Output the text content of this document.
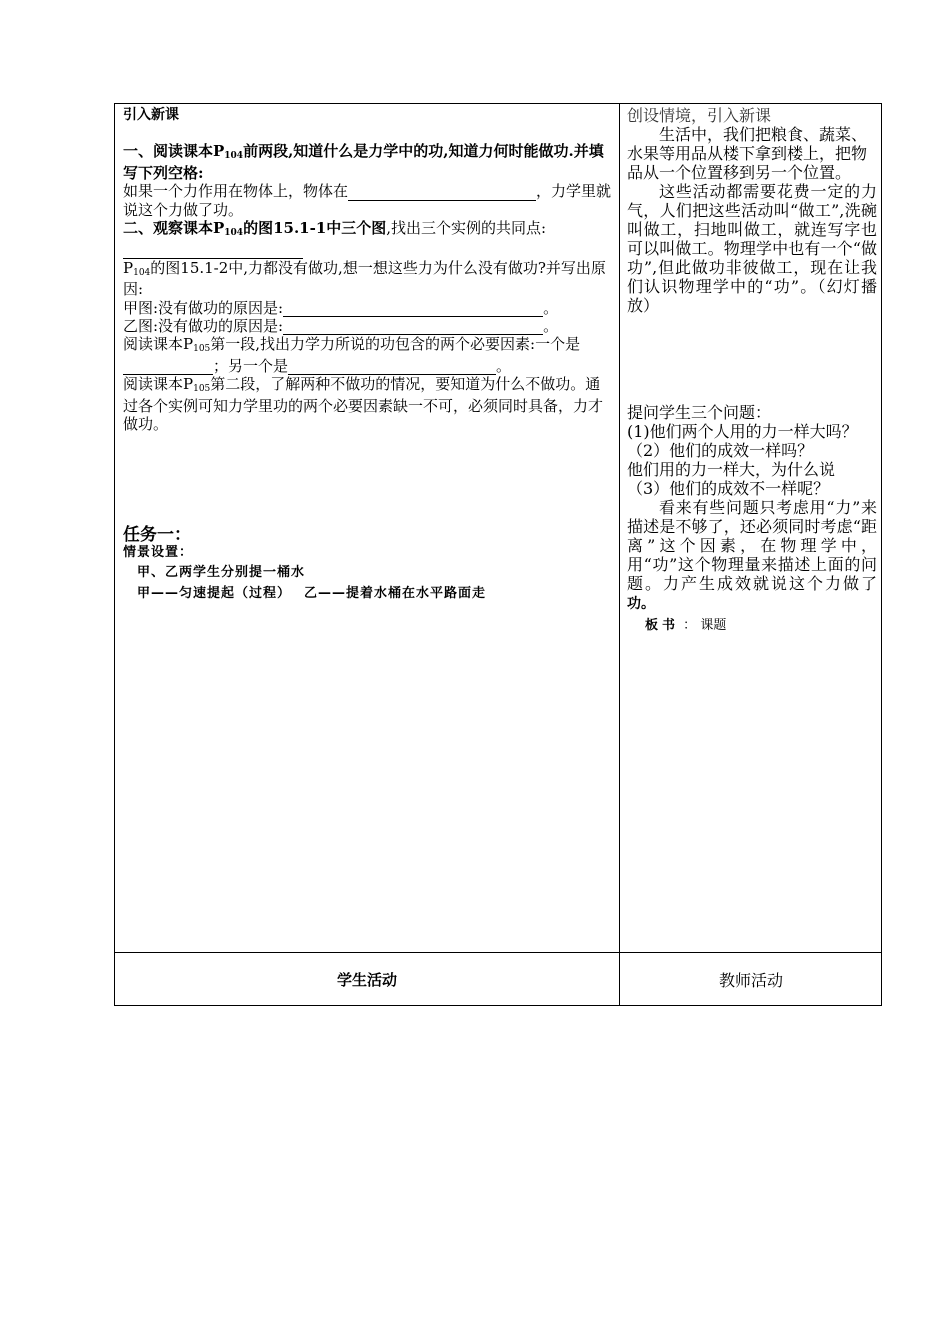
引入新课
一、阅读课本P104前两段,知道什么是力学中的功,知道力何时能做功.并填写下列空格:
如果一个力作用在物体上，物体在	，力学里就说这个力做了功。
二、观察课本P104的图15.1-1中三个图,找出三个实例的共同点:
P104的图15.1-2中,力都没有做功,想一想这些力为什么没有做功?并写出原因:
甲图:没有做功的原因是:	。
乙图:没有做功的原因是:	。
阅读课本P105第一段,找出力学力所说的功包含的两个必要因素:一个是；另一个是	。
阅读课本P105第二段，了解两种不做功的情况，要知道为什么不做功。通过各个实例可知力学里功的两个必要因素缺一不可，必须同时具备，力才做功。
任务一：
情景设置：
甲、乙两学生分别提一桶水
甲——匀速提起（过程）　 乙——提着水桶在水平路面走
创设情境，引入新课
生活中，我们把粮食、蔬菜、水果等用品从楼下拿到楼上，把物品从一个位置移到另一个位置。
这些活动都需要花费一定的力气，人们把这些活动叫“做工”,洗碗叫做工，扫地叫做工，就连写字也可以叫做工。物理学中也有一个“做功”,但此做功非彼做工，现在让我们认识物理学中的“功”。（幻灯播放）
提问学生三个问题：
(1)他们两个人用的力一样大吗？
（2）他们的成效一样吗？
他们用的力一样大，为什么说
（3）他们的成效不一样呢？
看来有些问题只考虑用“力”来描述是不够了，还必须同时考虑“距离”这个因素，在物理学中，用“功”这个物理量来描述上面的问题。力产生成效就说这个力做了功。
板书 ： 课题
学生活动	教师活动
